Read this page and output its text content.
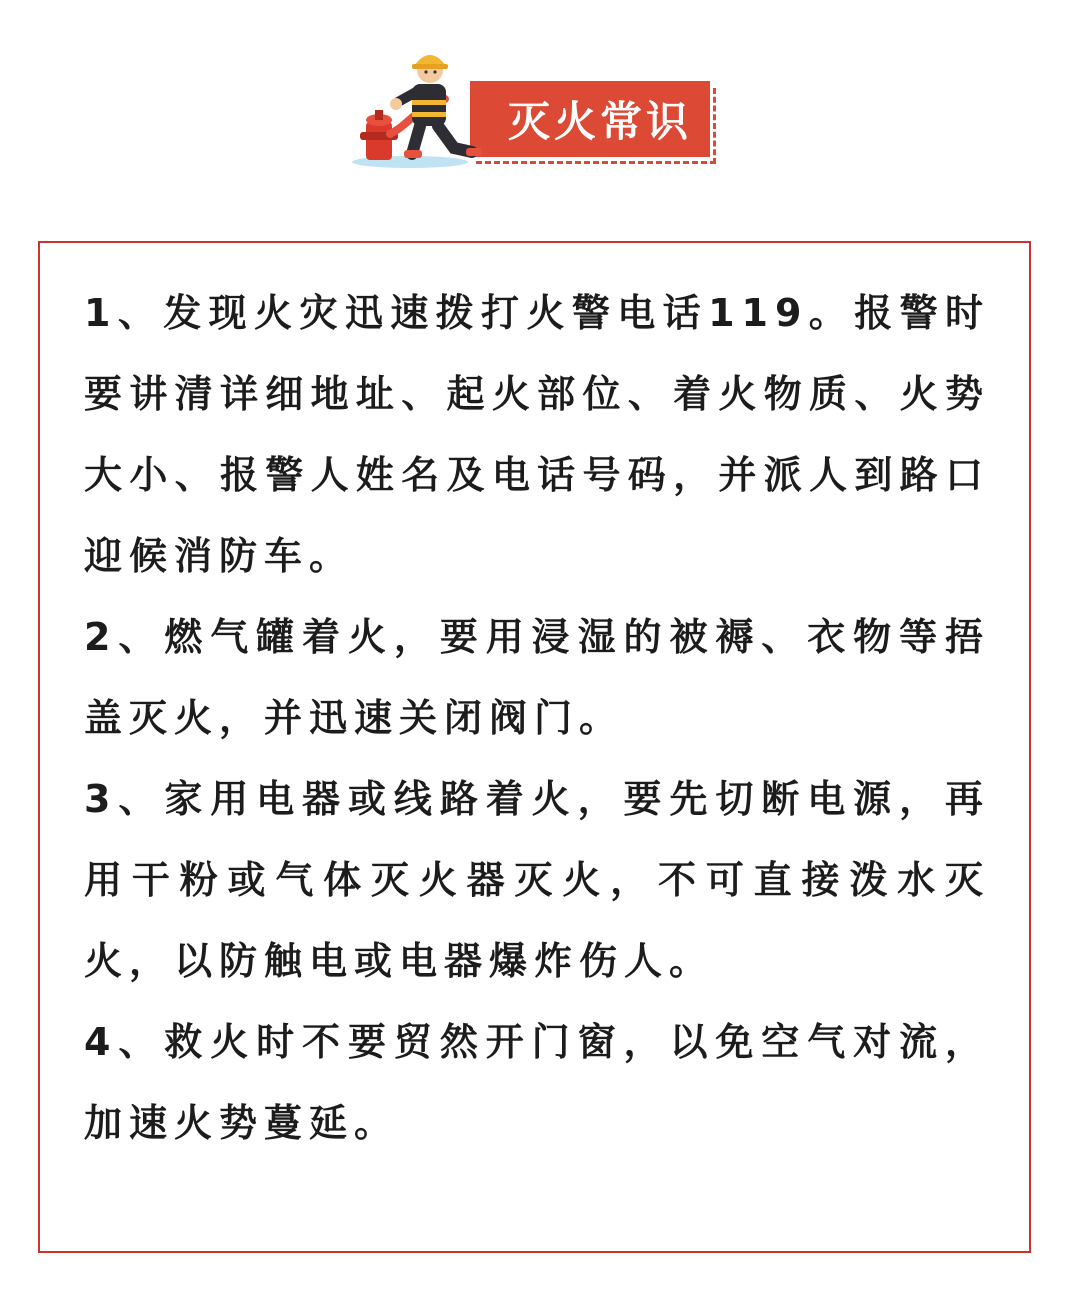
灭火常识

1、发现火灾迅速拨打火警电话119。报警时要讲清详细地址、起火部位、着火物质、火势大小、报警人姓名及电话号码，并派人到路口迎候消防车。

2、燃气罐着火，要用浸湿的被褥、衣物等捂盖灭火，并迅速关闭阀门。

3、家用电器或线路着火，要先切断电源，再用干粉或气体灭火器灭火，不可直接泼水灭火，以防触电或电器爆炸伤人。

4、救火时不要贸然开门窗，以免空气对流，加速火势蔓延。
